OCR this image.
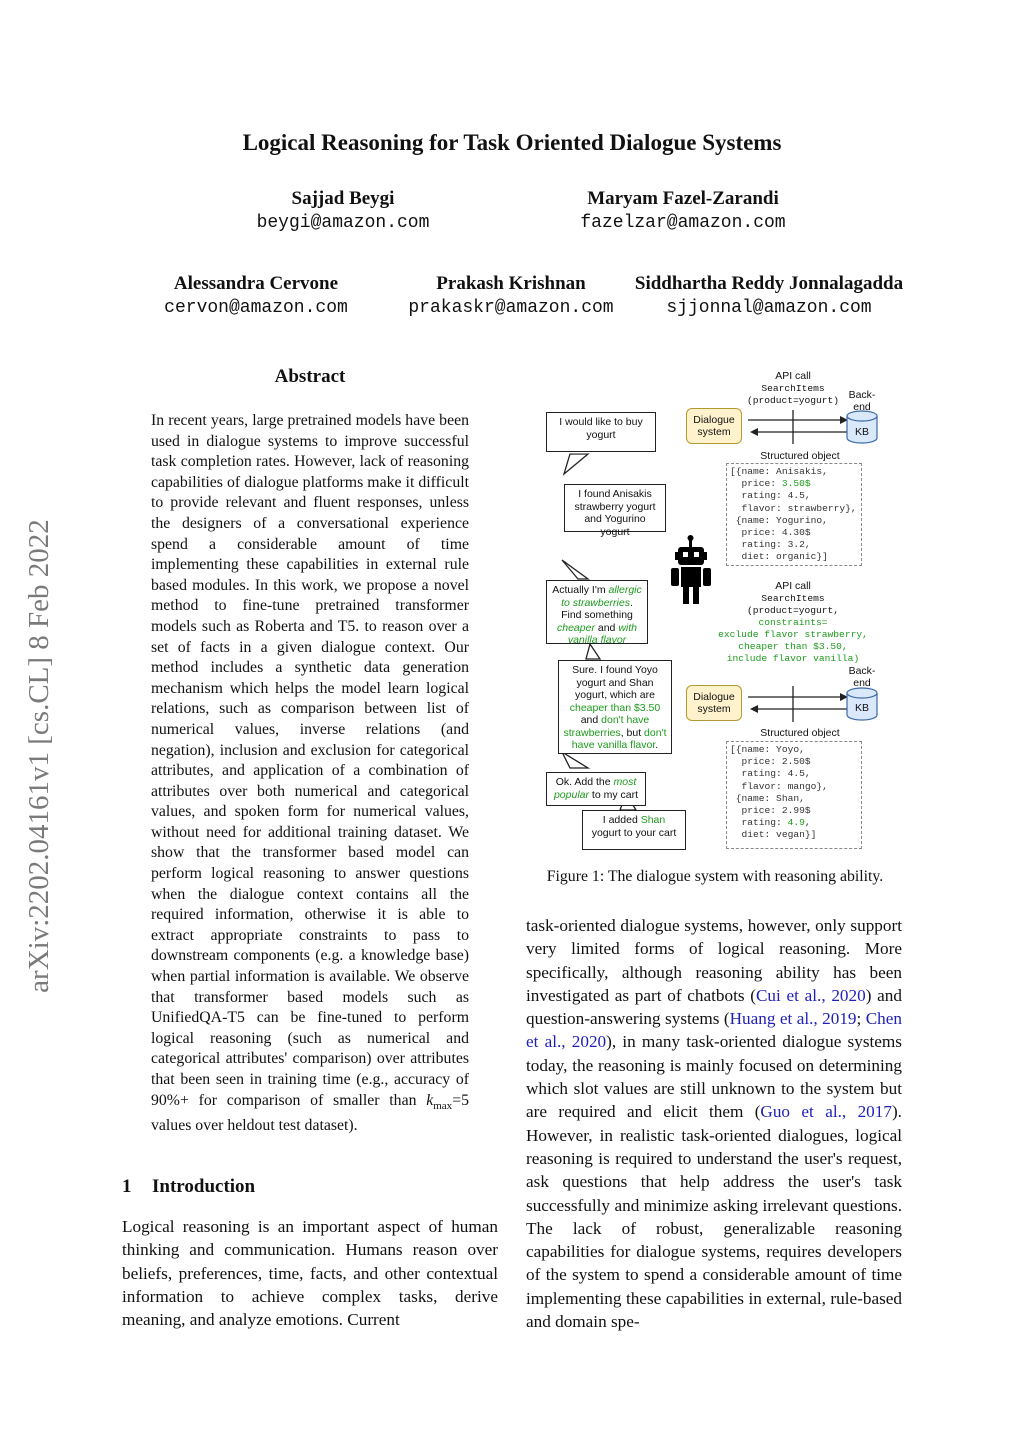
Logical Reasoning for Task Oriented Dialogue Systems
Sajjad Beygi
beygi@amazon.com
Maryam Fazel-Zarandi
fazelzar@amazon.com
Alessandra Cervone
cervon@amazon.com
Prakash Krishnan
prakaskr@amazon.com
Siddhartha Reddy Jonnalagadda
sjjonnal@amazon.com
arXiv:2202.04161v1 [cs.CL] 8 Feb 2022
Abstract
In recent years, large pretrained models have been used in dialogue systems to improve successful task completion rates. However, lack of reasoning capabilities of dialogue platforms make it difficult to provide relevant and fluent responses, unless the designers of a conversational experience spend a considerable amount of time implementing these capabilities in external rule based modules. In this work, we propose a novel method to fine-tune pretrained transformer models such as Roberta and T5. to reason over a set of facts in a given dialogue context. Our method includes a synthetic data generation mechanism which helps the model learn logical relations, such as comparison between list of numerical values, inverse relations (and negation), inclusion and exclusion for categorical attributes, and application of a combination of attributes over both numerical and categorical values, and spoken form for numerical values, without need for additional training dataset. We show that the transformer based model can perform logical reasoning to answer questions when the dialogue context contains all the required information, otherwise it is able to extract appropriate constraints to pass to downstream components (e.g. a knowledge base) when partial information is available. We observe that transformer based models such as UnifiedQA-T5 can be fine-tuned to perform logical reasoning (such as numerical and categorical attributes' comparison) over attributes that been seen in training time (e.g., accuracy of 90%+ for comparison of smaller than $k_{max}=5$ values over heldout test dataset).
1 Introduction
Logical reasoning is an important aspect of human thinking and communication. Humans reason over beliefs, preferences, time, facts, and other contextual information to achieve complex tasks, derive meaning, and analyze emotions. Current
task-oriented dialogue systems, however, only support very limited forms of logical reasoning. More specifically, although reasoning ability has been investigated as part of chatbots (Cui et al., 2020) and question-answering systems (Huang et al., 2019; Chen et al., 2020), in many task-oriented dialogue systems today, the reasoning is mainly focused on determining which slot values are still unknown to the system but are required and elicit them (Guo et al., 2017). However, in realistic task-oriented dialogues, logical reasoning is required to understand the user's request, ask questions that help address the user's task successfully and minimize asking irrelevant questions. The lack of robust, generalizable reasoning capabilities for dialogue systems, requires developers of the system to spend a considerable amount of time implementing these capabilities in external, rule-based and domain spe-
API call
SearchItems
(product=yogurt) Back-
end
KB
Dialogue
system
Structured object
[{name: Anisakis,
price: 3.50$
rating: 4.5,
flavor: strawberry},
{name: Yogurino,
price: 4.30$
rating: 3.2,
diet: organic}]
API call
SearchItems
(product=yogurt,
constraints=
exclude flavor strawberry,
cheaper than $3.50,
include flavor vanilla)
Back-
end
KB
Dialogue
system
Structured object
[{name: Yoyo,
price: 2.50$
rating: 4.5,
flavor: mango},
{name: Shan,
price: 2.99$
rating: 4.9,
diet: vegan}]
I would like to buy yogurt
I found Anisakis strawberry yogurt and Yogurino yogurt
Actually I'm allergic to strawberries. Find something cheaper and with vanilla flavor
Sure. I found Yoyo yogurt and Shan yogurt, which are cheaper than $3.50 and don't have strawberries, but don't have vanilla flavor.
Ok. Add the most popular to my cart
I added Shan yogurt to your cart
Figure 1: The dialogue system with reasoning ability.
